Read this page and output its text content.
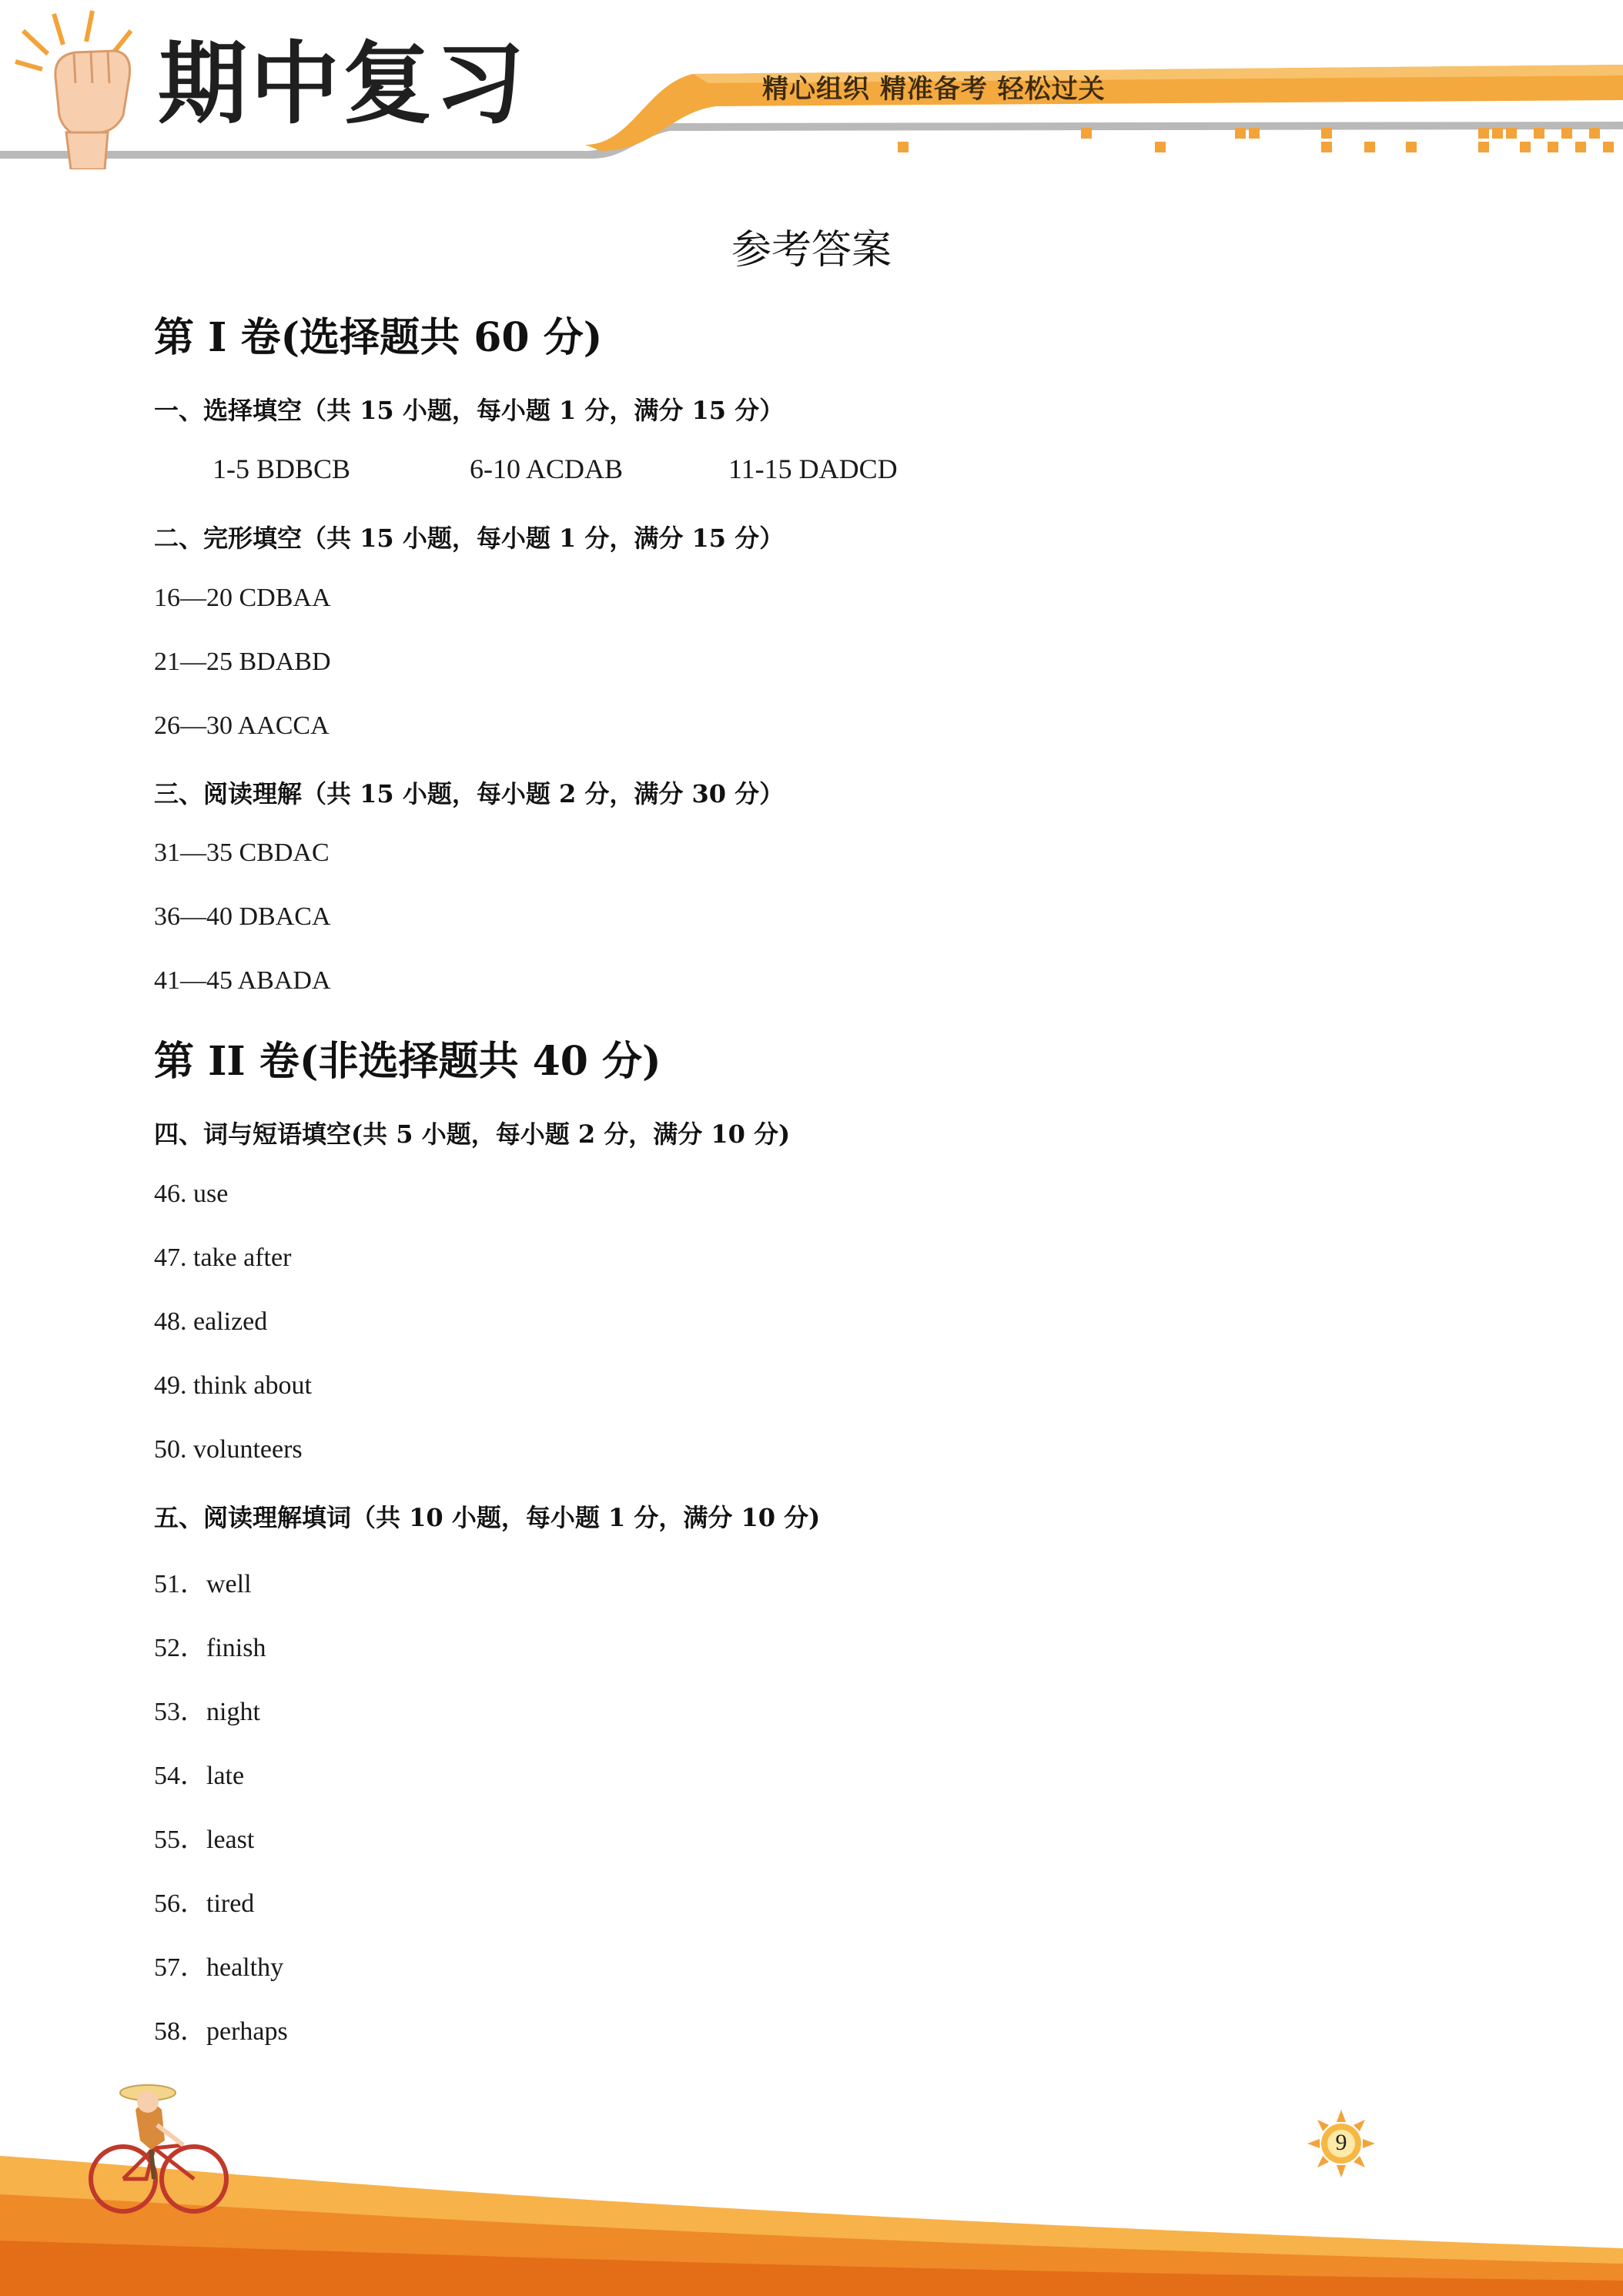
期中复习	精心组织 精准备考 轻松过关
参考答案
第 I 卷(选择题共 60 分)
一、选择填空（共 15 小题，每小题 1 分，满分 15 分）
1-5 BDBCB	6-10 ACDAB	11-15 DADCD
二、完形填空（共 15 小题，每小题 1 分，满分 15 分）
16—20 CDBAA
21—25 BDABD
26—30 AACCA
三、阅读理解（共 15 小题，每小题 2 分，满分 30 分）
31—35 CBDAC
36—40 DBACA
41—45 ABADA
第 II 卷(非选择题共 40 分)
四、词与短语填空(共 5 小题，每小题 2 分，满分 10 分)
46. use
47. take after
48. ealized
49. think about
50. volunteers
五、阅读理解填词（共 10 小题，每小题 1 分，满分 10 分)
51．well
52．finish
53．night
54．late
55．least
56．tired
57．healthy
58．perhaps
9
